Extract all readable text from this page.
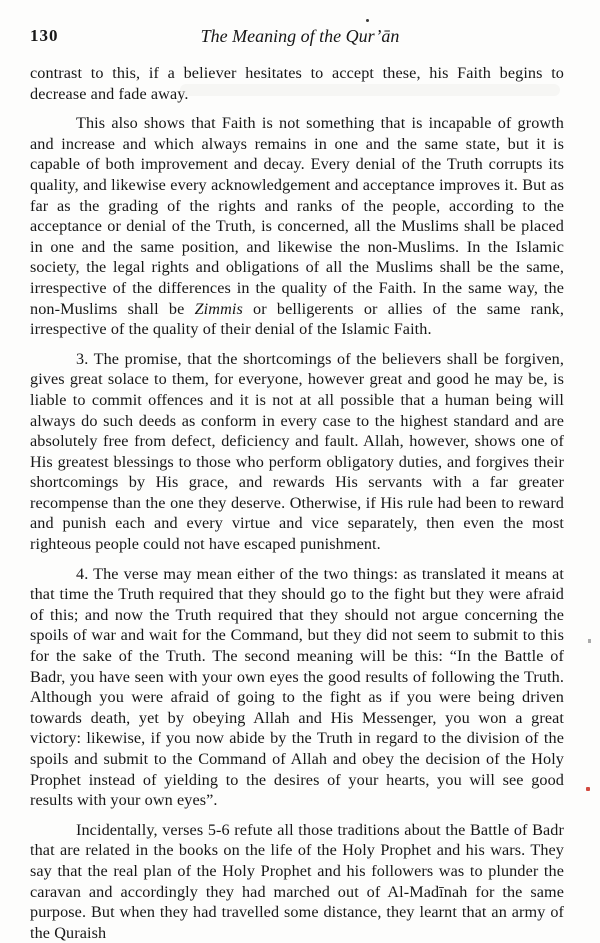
130	The Meaning of the Qur’ān

contrast to this, if a believer hesitates to accept these, his Faith begins to decrease and fade away.

This also shows that Faith is not something that is incapable of growth and increase and which always remains in one and the same state, but it is capable of both improvement and decay. Every denial of the Truth corrupts its quality, and likewise every acknowledgement and acceptance improves it. But as far as the grading of the rights and ranks of the people, according to the acceptance or denial of the Truth, is concerned, all the Muslims shall be placed in one and the same position, and likewise the non-Muslims. In the Islamic society, the legal rights and obligations of all the Muslims shall be the same, irrespective of the differences in the quality of the Faith. In the same way, the non-Muslims shall be Zimmis or belligerents or allies of the same rank, irrespective of the quality of their denial of the Islamic Faith.

3. The promise, that the shortcomings of the believers shall be forgiven, gives great solace to them, for everyone, however great and good he may be, is liable to commit offences and it is not at all possible that a human being will always do such deeds as conform in every case to the highest standard and are absolutely free from defect, deficiency and fault. Allah, however, shows one of His greatest blessings to those who perform obligatory duties, and forgives their shortcomings by His grace, and rewards His servants with a far greater recompense than the one they deserve. Otherwise, if His rule had been to reward and punish each and every virtue and vice separately, then even the most righteous people could not have escaped punishment.

4. The verse may mean either of the two things: as translated it means at that time the Truth required that they should go to the fight but they were afraid of this; and now the Truth required that they should not argue concerning the spoils of war and wait for the Command, but they did not seem to submit to this for the sake of the Truth. The second meaning will be this: “In the Battle of Badr, you have seen with your own eyes the good results of following the Truth. Although you were afraid of going to the fight as if you were being driven towards death, yet by obeying Allah and His Messenger, you won a great victory: likewise, if you now abide by the Truth in regard to the division of the spoils and submit to the Command of Allah and obey the decision of the Holy Prophet instead of yielding to the desires of your hearts, you will see good results with your own eyes”.

Incidentally, verses 5-6 refute all those traditions about the Battle of Badr that are related in the books on the life of the Holy Prophet and his wars. They say that the real plan of the Holy Prophet and his followers was to plunder the caravan and accordingly they had marched out of Al-Madīnah for the same purpose. But when they had travelled some distance, they learnt that an army of the Quraish
